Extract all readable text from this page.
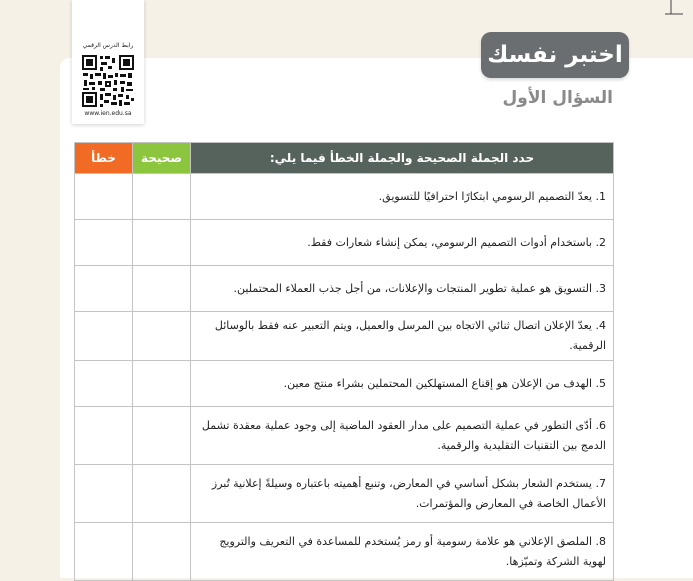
رابط الدرس الرقمي
www.ien.edu.sa
اختبر نفسك
السؤال الأول
خطأ	صحيحة	حدد الجملة الصحيحة والجملة الخطأ فيما يلي:
		1. يعدّ التصميم الرسومي ابتكارًا احترافيًا للتسويق.
		2. باستخدام أدوات التصميم الرسومي، يمكن إنشاء شعارات فقط.
		3. التسويق هو عملية تطوير المنتجات والإعلانات، من أجل جذب العملاء المحتملين.
		4. يعدّ الإعلان اتصال ثنائي الاتجاه بين المرسل والعميل، ويتم التعبير عنه فقط بالوسائل الرقمية.
		5. الهدف من الإعلان هو إقناع المستهلكين المحتملين بشراء منتج معين.
		6. أدّى التطور في عملية التصميم على مدار العقود الماضية إلى وجود عملية معقدة تشمل الدمج بين التقنيات التقليدية والرقمية.
		7. يستخدم الشعار بشكل أساسي في المعارض، وتنبع أهميته باعتباره وسيلةً إعلانية تُبرز الأعمال الخاصة في المعارض والمؤتمرات.
		8. الملصق الإعلاني هو علامة رسومية أو رمز يُستخدم للمساعدة في التعريف والترويج لهوية الشركة وتميّزها.
